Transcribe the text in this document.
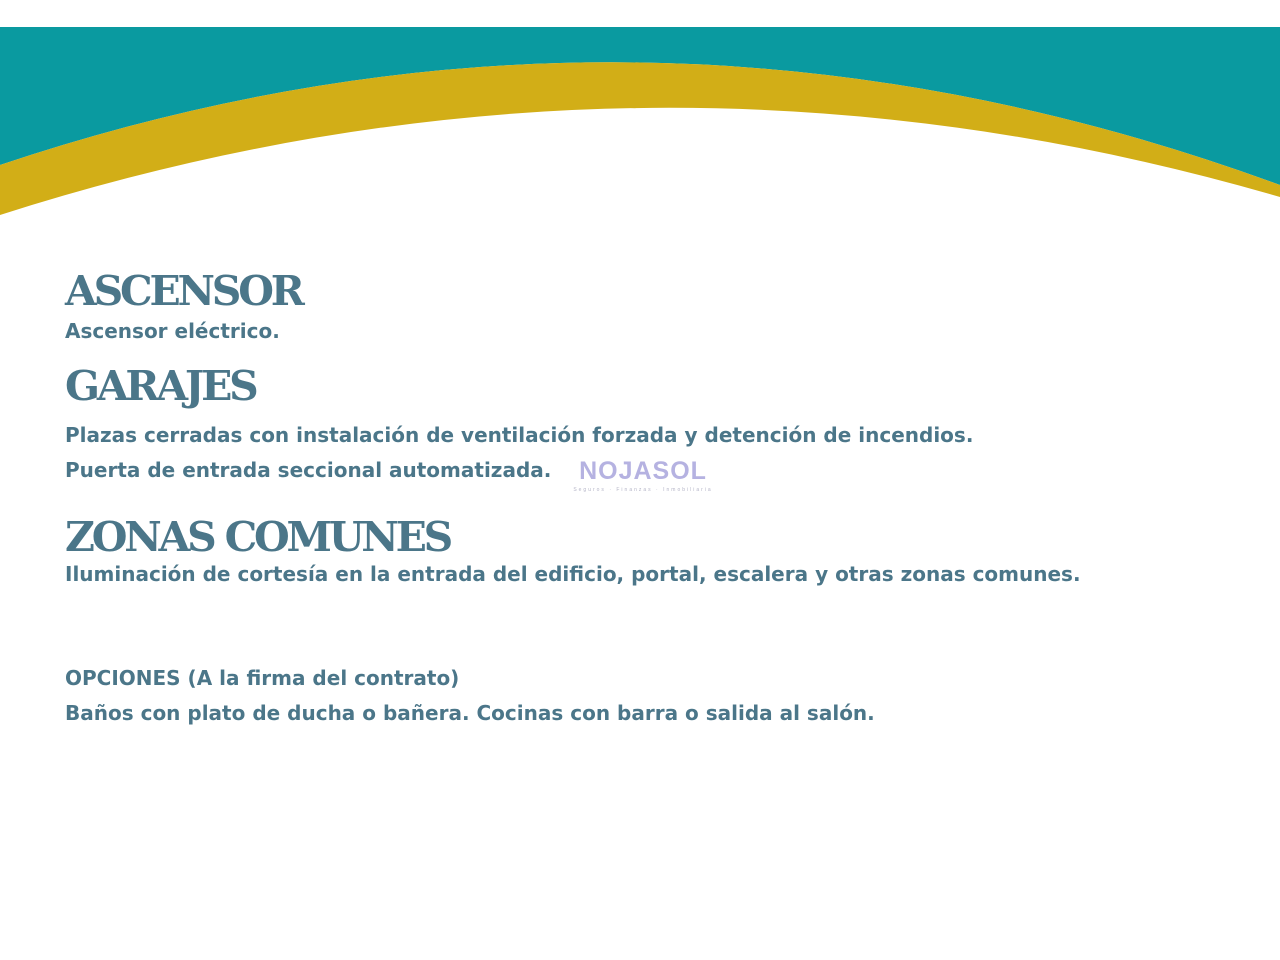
ASCENSOR

Ascensor eléctrico.

GARAJES

Plazas cerradas con instalación de ventilación forzada y detención de incendios.

Puerta de entrada seccional automatizada.

ZONAS COMUNES

Iluminación de cortesía en la entrada del edificio, portal, escalera y otras zonas comunes.

OPCIONES (A la firma del contrato)

Baños con plato de ducha o bañera. Cocinas con barra o salida al salón.

NOJASOL
Seguros · Finanzas · Inmobiliaria
